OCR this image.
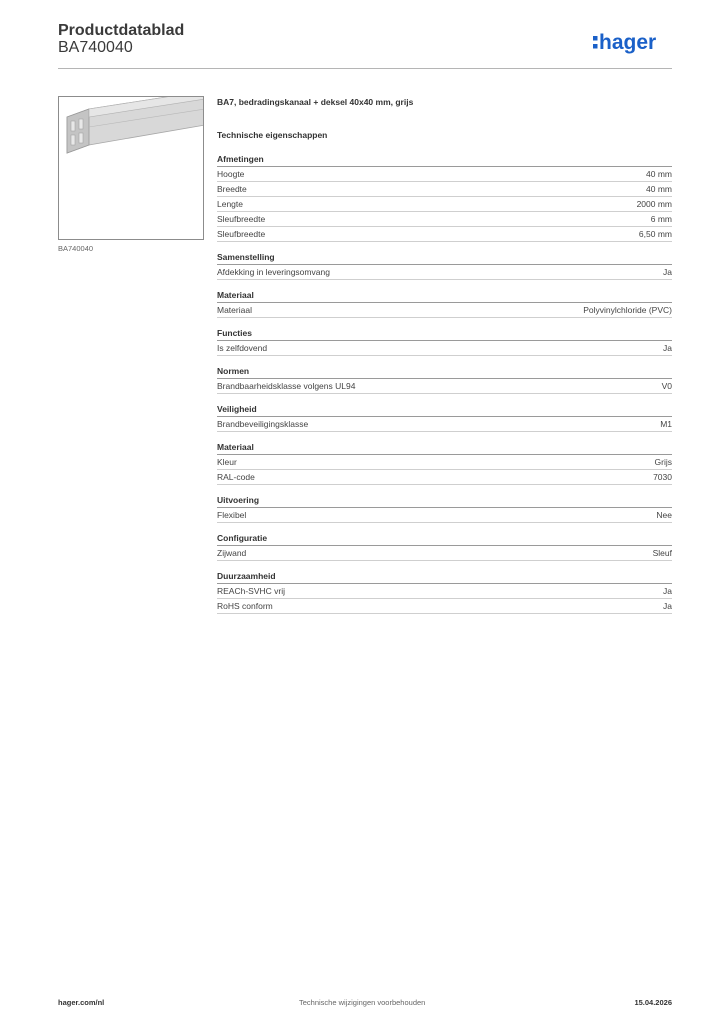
Productdatablad
BA740040	hager
BA740040
BA7, bedradingskanaal + deksel 40x40 mm, grijs
Technische eigenschappen
Afmetingen
Hoogte	40 mm
Breedte	40 mm
Lengte	2000 mm
Sleufbreedte	6 mm
Sleufbreedte	6,50 mm
Samenstelling
Afdekking in leveringsomvang	Ja
Materiaal
Materiaal	Polyvinylchloride (PVC)
Functies
Is zelfdovend	Ja
Normen
Brandbaarheidsklasse volgens UL94	V0
Veiligheid
Brandbeveiligingsklasse	M1
Materiaal
Kleur	Grijs
RAL-code	7030
Uitvoering
Flexibel	Nee
Configuratie
Zijwand	Sleuf
Duurzaamheid
REACh-SVHC vrij	Ja
RoHS conform	Ja
hager.com/nl	Technische wijzigingen voorbehouden	15.04.2026
